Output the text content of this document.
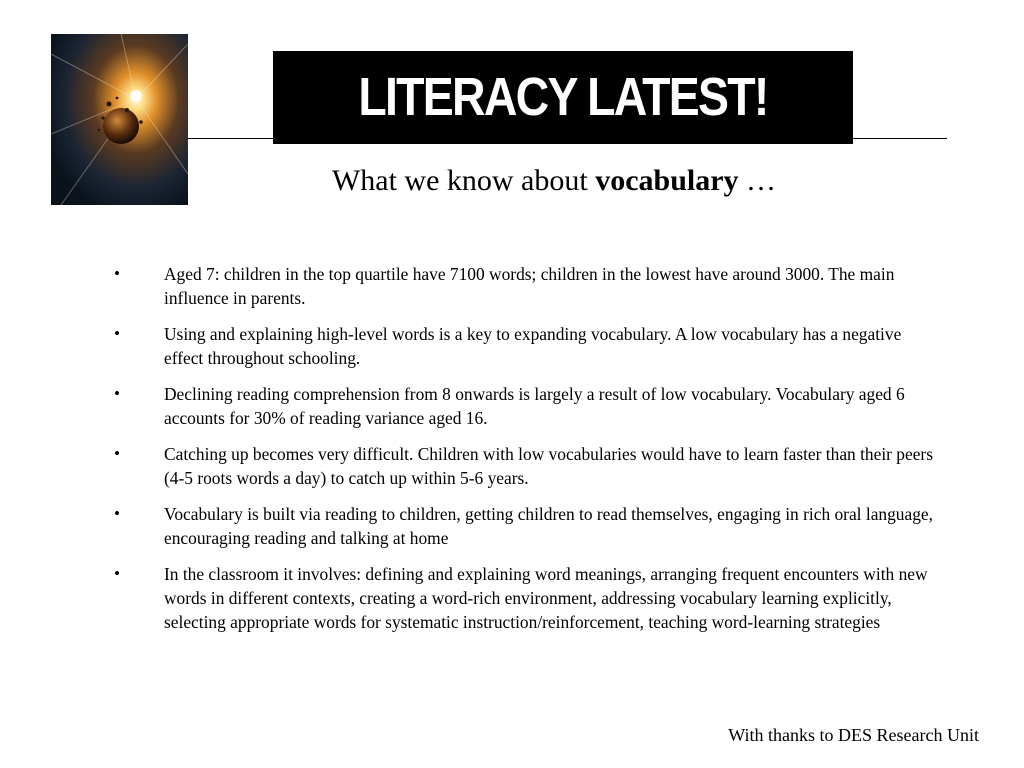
LITERACY LATEST!
What we know about vocabulary …
•	Aged 7: children in the top quartile have 7100 words; children in the lowest have around 3000. The main influence in parents.
•	Using and explaining high-level words is a key to expanding vocabulary. A low vocabulary has a negative effect throughout schooling.
•	Declining reading comprehension from 8 onwards is largely a result of low vocabulary. Vocabulary aged 6 accounts for 30% of reading variance aged 16.
•	Catching up becomes very difficult. Children with low vocabularies would have to learn faster than their peers (4-5 roots words a day) to catch up within 5-6 years.
•	Vocabulary is built via reading to children, getting children to read themselves, engaging in rich oral language, encouraging reading and talking at home
•	In the classroom it involves: defining and explaining word meanings, arranging frequent encounters with new words in different contexts, creating a word-rich environment, addressing vocabulary learning explicitly, selecting appropriate words for systematic instruction/reinforcement, teaching word-learning strategies
With thanks to DES Research Unit
